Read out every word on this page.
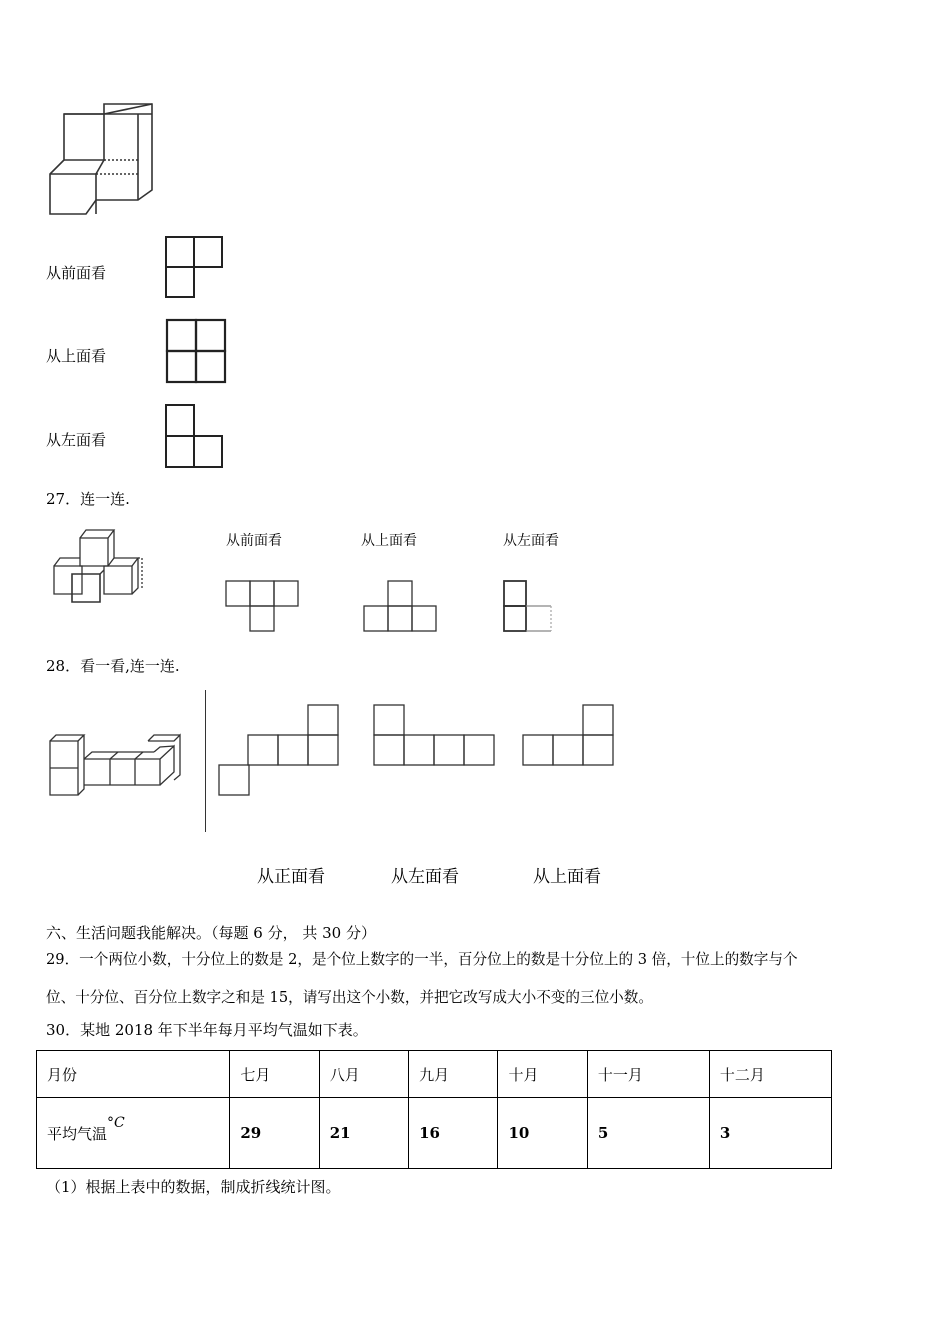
从前面看
从上面看
从左面看
27．连一连.
从前面看	从上面看	从左面看
28．看一看,连一连.
从正面看	从左面看	从上面看
六、生活问题我能解决。（每题 6 分， 共 30 分）
29．一个两位小数，十分位上的数是 2，是个位上数字的一半，百分位上的数是十分位上的 3 倍，十位上的数字与个
位、十分位、百分位上数字之和是 15，请写出这个小数，并把它改写成大小不变的三位小数。
30．某地 2018 年下半年每月平均气温如下表。
月份	七月	八月	九月	十月	十一月	十二月
平均气温°C	29	21	16	10	5	3
（1）根据上表中的数据，制成折线统计图。
